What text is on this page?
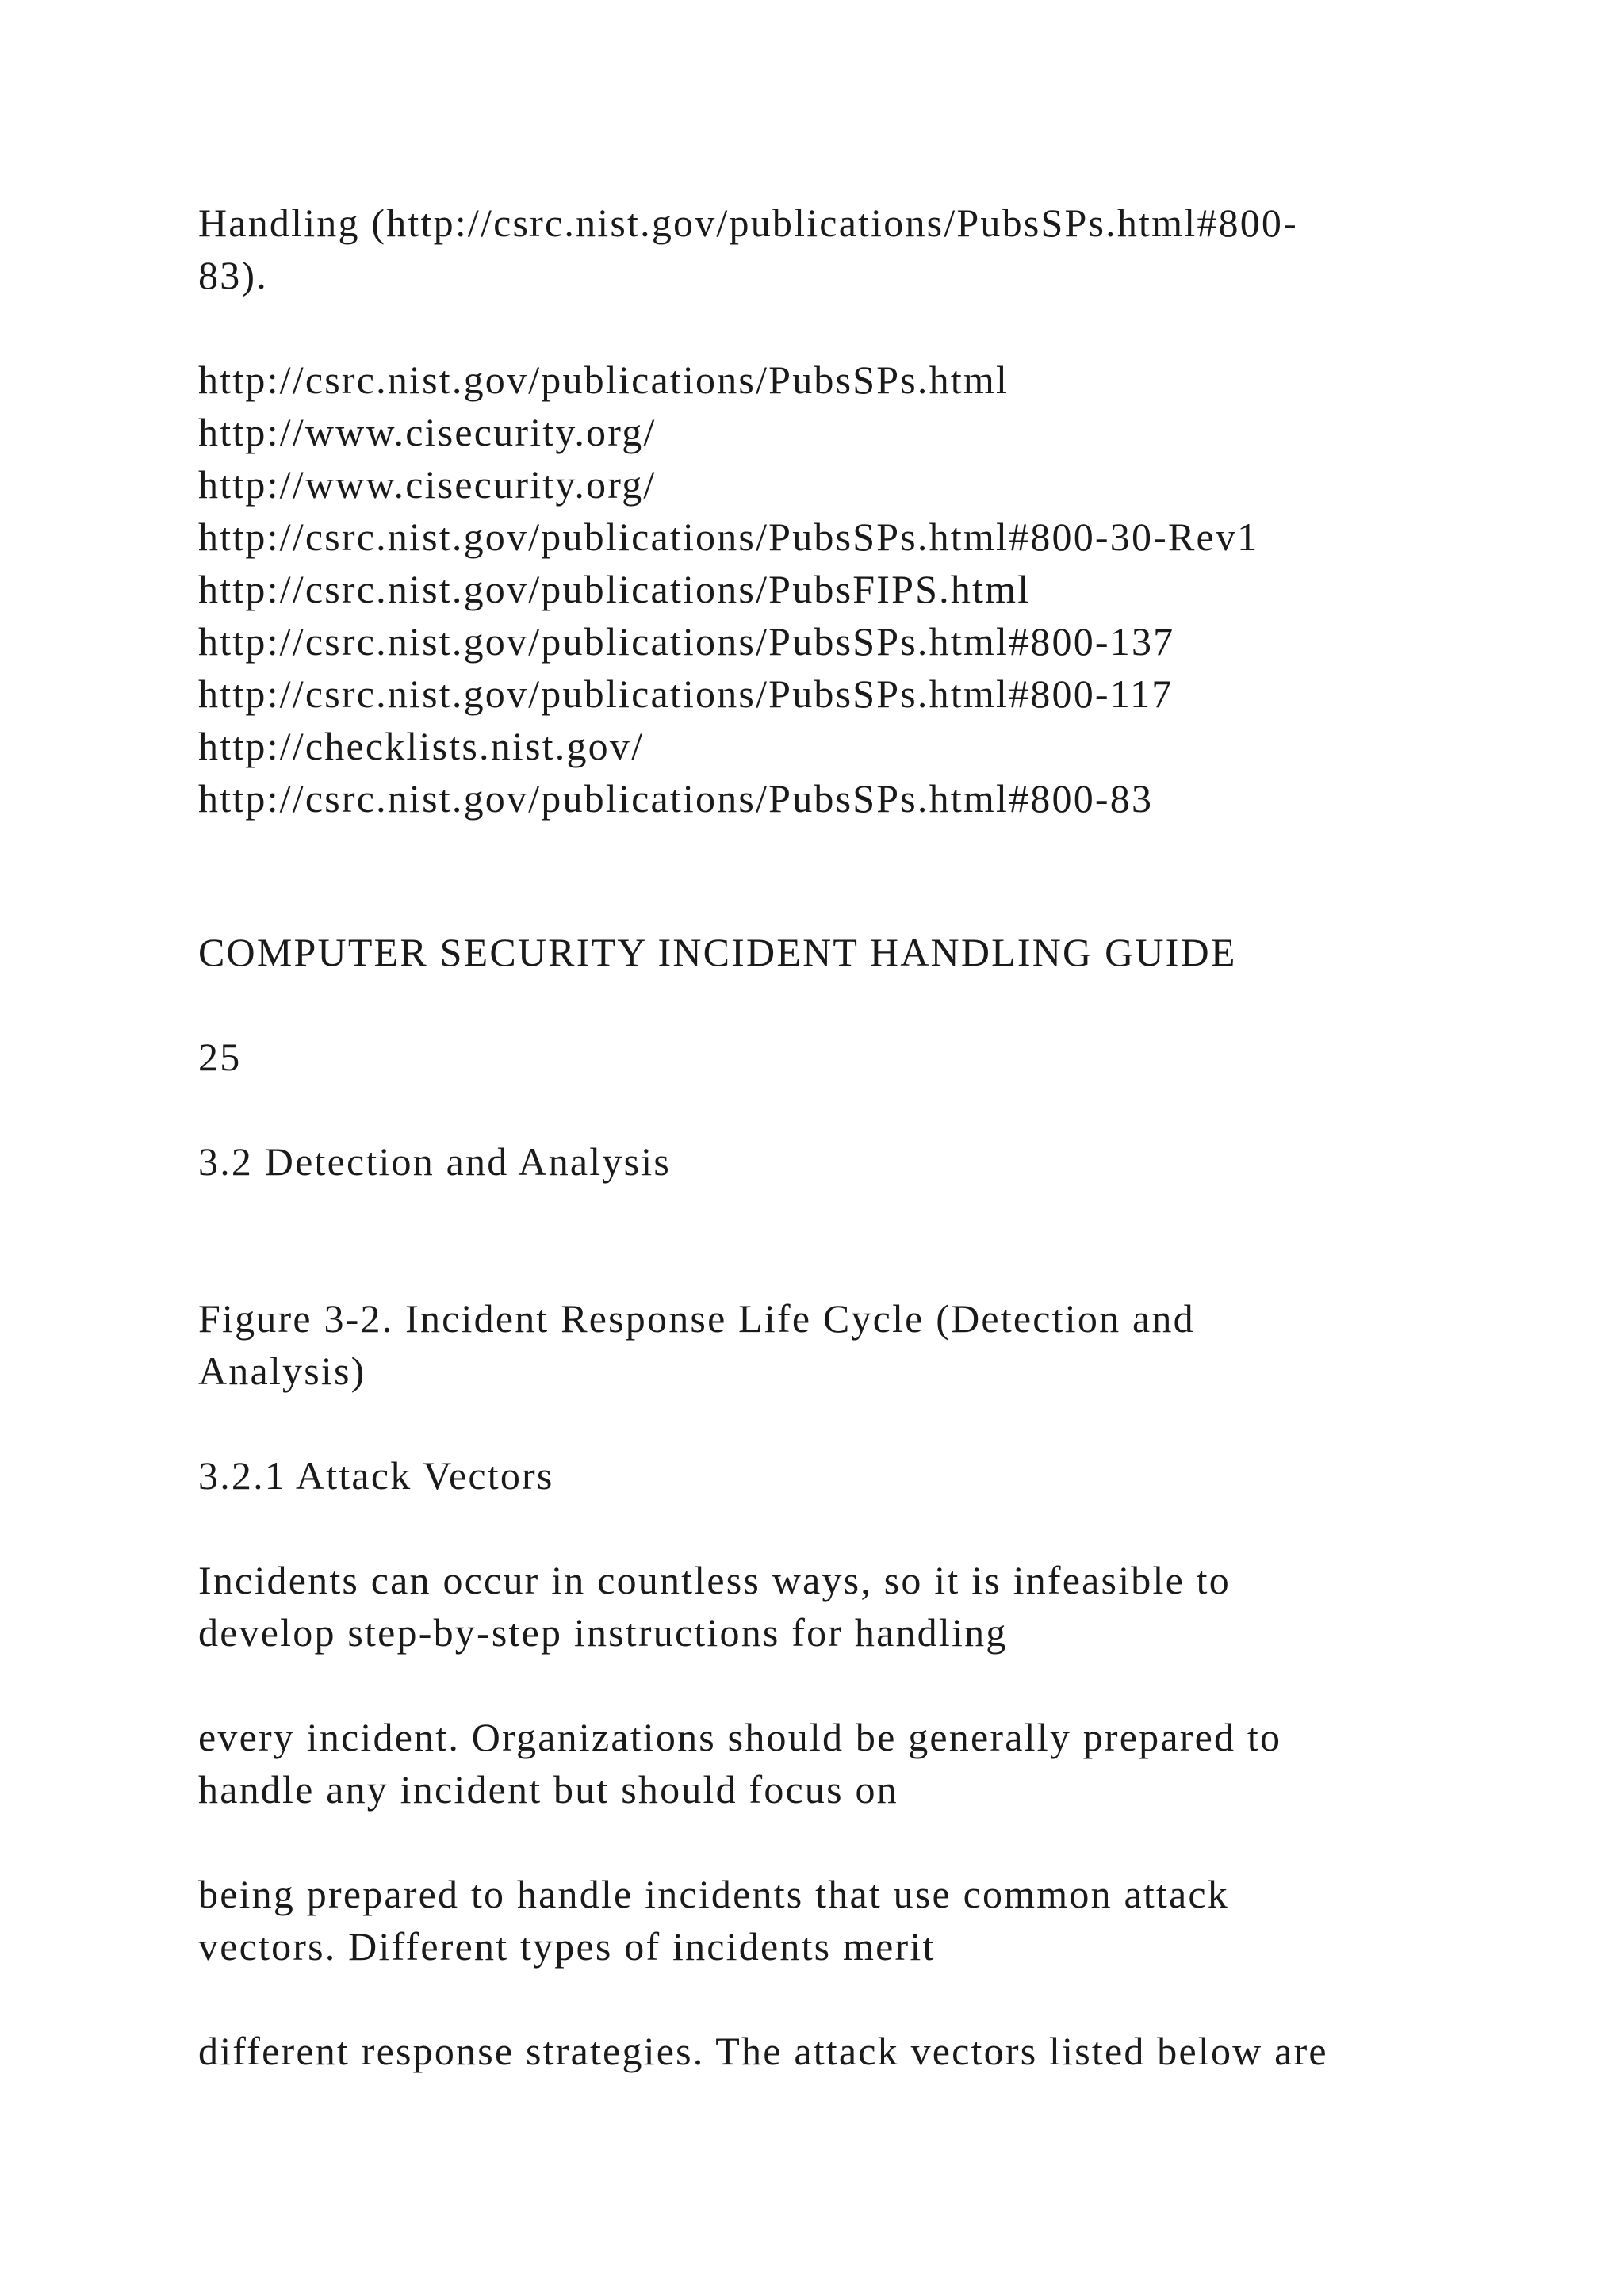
Handling (http://csrc.nist.gov/publications/PubsSPs.html#800-
83).
http://csrc.nist.gov/publications/PubsSPs.html
http://www.cisecurity.org/
http://www.cisecurity.org/
http://csrc.nist.gov/publications/PubsSPs.html#800-30-Rev1
http://csrc.nist.gov/publications/PubsFIPS.html
http://csrc.nist.gov/publications/PubsSPs.html#800-137
http://csrc.nist.gov/publications/PubsSPs.html#800-117
http://checklists.nist.gov/
http://csrc.nist.gov/publications/PubsSPs.html#800-83
COMPUTER SECURITY INCIDENT HANDLING GUIDE
25
3.2 Detection and Analysis
Figure 3-2. Incident Response Life Cycle (Detection and
Analysis)
3.2.1 Attack Vectors
Incidents can occur in countless ways, so it is infeasible to
develop step-by-step instructions for handling
every incident. Organizations should be generally prepared to
handle any incident but should focus on
being prepared to handle incidents that use common attack
vectors. Different types of incidents merit
different response strategies. The attack vectors listed below are
